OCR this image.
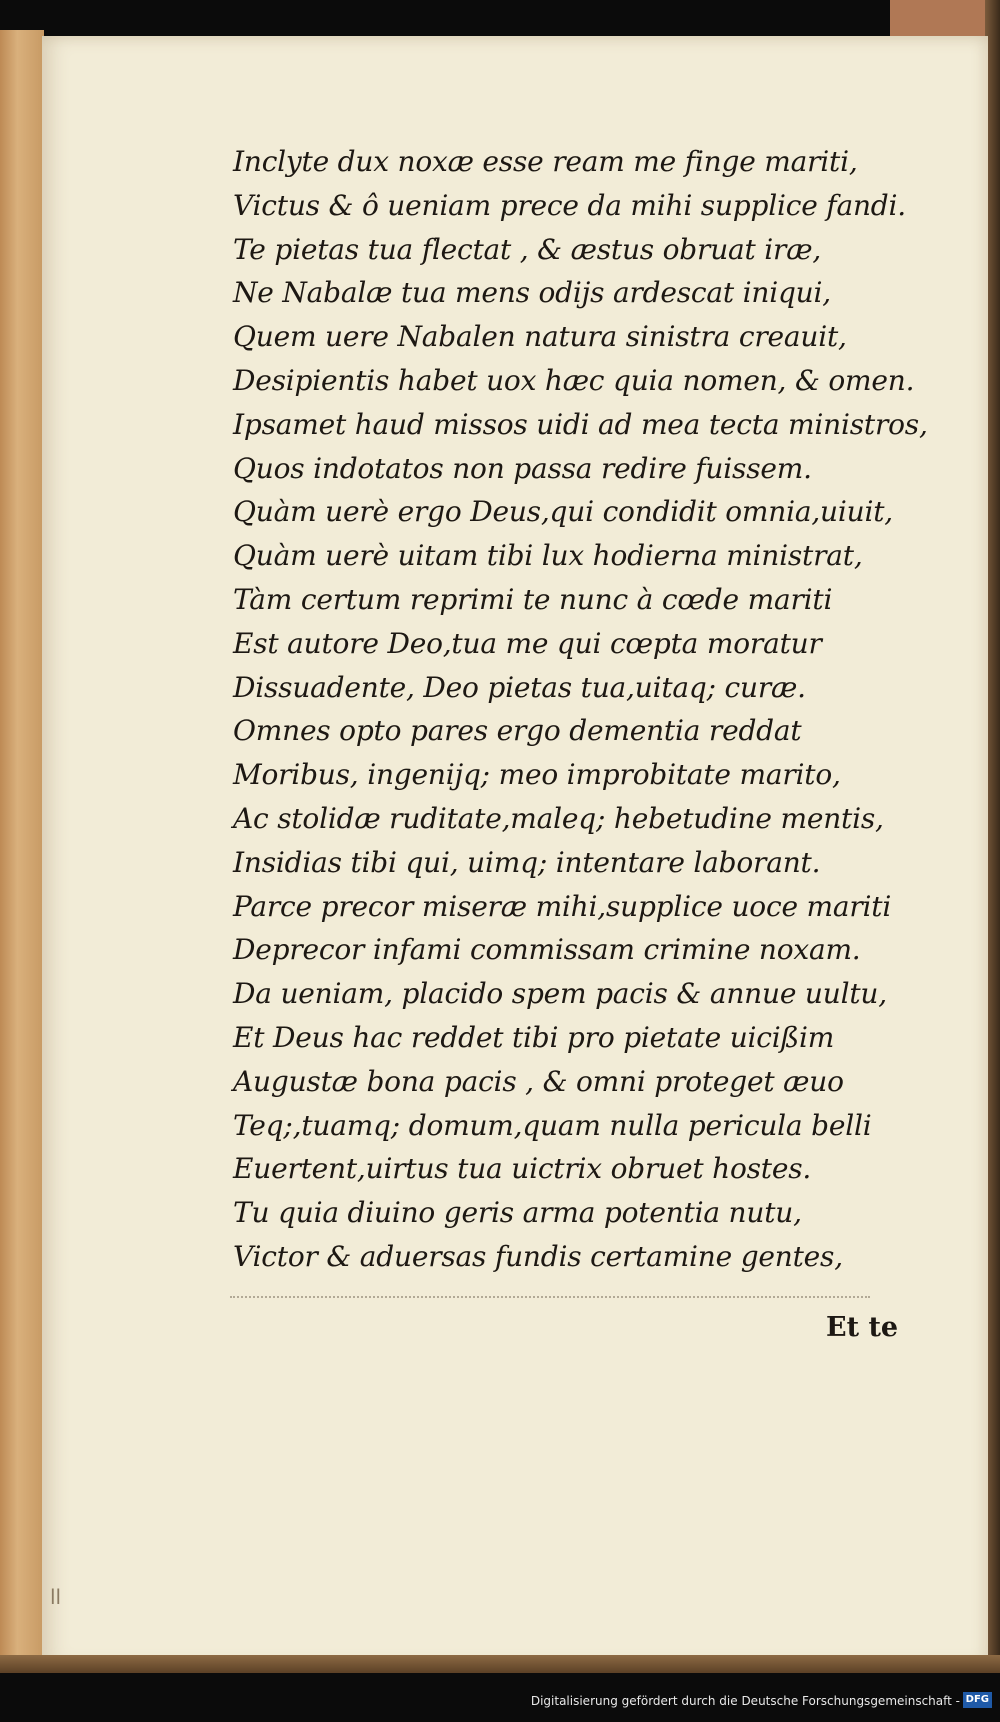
Inclyte dux noxæ esse ream me finge mariti,
Victus & ô ueniam prece da mihi supplice fandi.
Te pietas tua flectat , & æstus obruat iræ,
Ne Nabalæ tua mens odijs ardescat iniqui,
Quem uere Nabalen natura sinistra creauit,
Desipientis habet uox hæc quia nomen, & omen.
Ipsamet haud missos uidi ad mea tecta ministros,
Quos indotatos non passa redire fuissem.
Quàm uerè ergo Deus,qui condidit omnia,uiuit,
Quàm uerè uitam tibi lux hodierna ministrat,
Tàm certum reprimi te nunc à cœde mariti
Est autore Deo,tua me qui cœpta moratur
Dissuadente, Deo pietas tua,uitaq; curæ.
Omnes opto pares ergo dementia reddat
Moribus, ingenijq; meo improbitate marito,
Ac stolidæ ruditate,maleq; hebetudine mentis,
Insidias tibi qui, uimq; intentare laborant.
Parce precor miseræ mihi,supplice uoce mariti
Deprecor infami commissam crimine noxam.
Da ueniam, placido spem pacis & annue uultu,
Et Deus hac reddet tibi pro pietate uicißim
Augustæ bona pacis , & omni proteget æuo
Teq;,tuamq; domum,quam nulla pericula belli
Euertent,uirtus tua uictrix obruet hostes.
Tu quia diuino geris arma potentia nutu,
Victor & aduersas fundis certamine gentes,
Et te
ll
Digitalisierung gefördert durch die Deutsche Forschungsgemeinschaft - DFG
